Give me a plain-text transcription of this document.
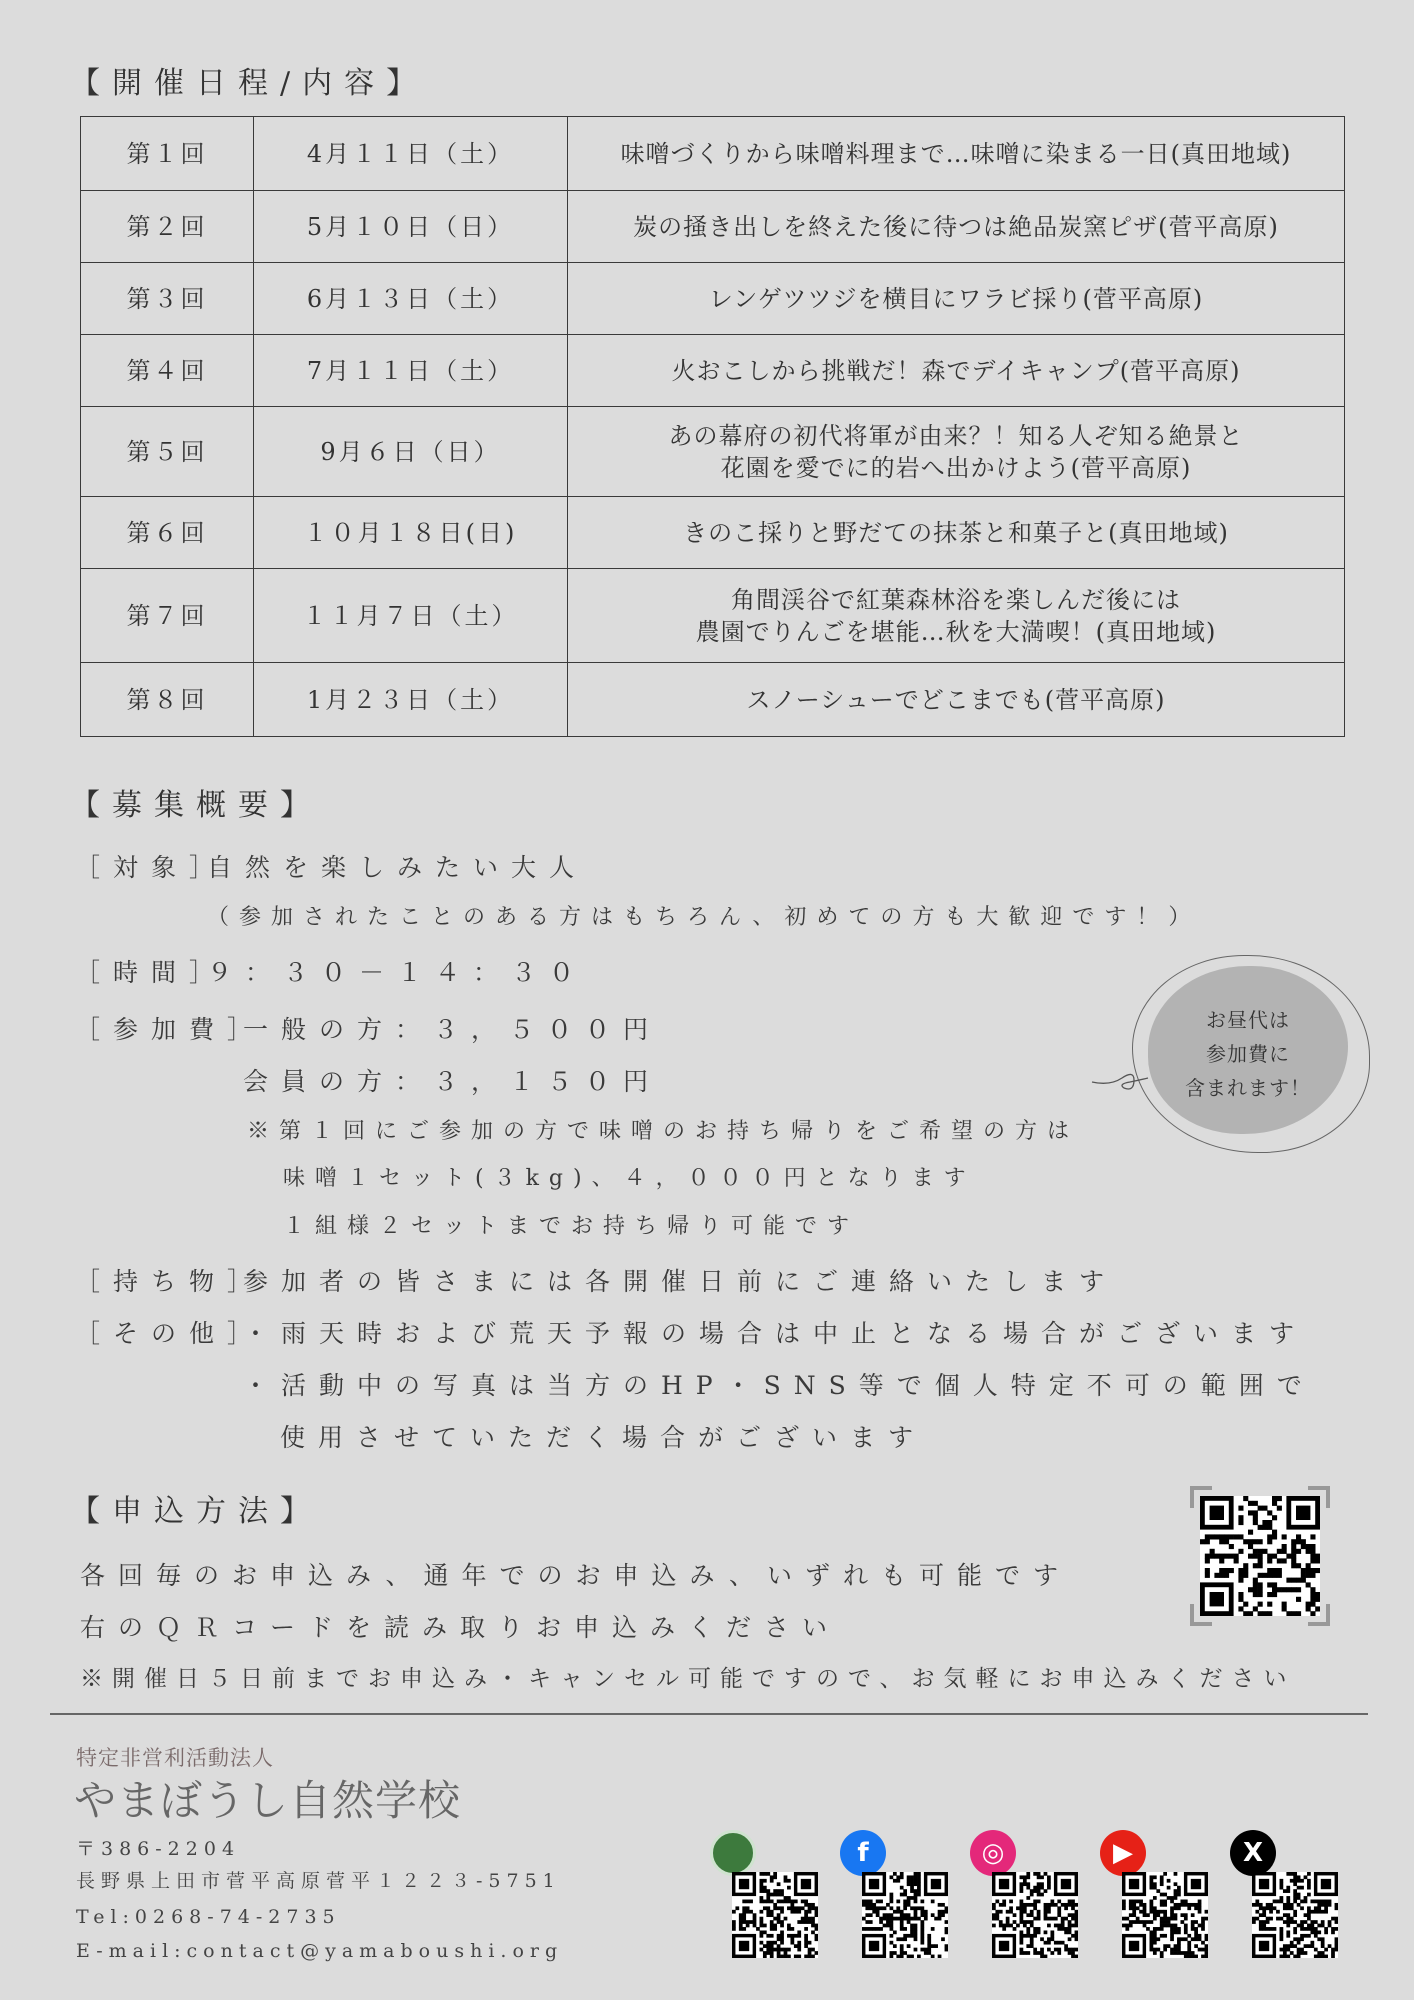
【開催日程/内容】
第１回	4月１１日（土）	味噌づくりから味噌料理まで…味噌に染まる一日(真田地域)

第２回	5月１０日（日）	炭の掻き出しを終えた後に待つは絶品炭窯ピザ(菅平高原)

第３回	6月１３日（土）	レンゲツツジを横目にワラビ採り(菅平高原)

第４回	7月１１日（土）	火おこしから挑戦だ！森でデイキャンプ(菅平高原)

第５回	9月６日（日）	あの幕府の初代将軍が由来？！知る人ぞ知る絶景と
花園を愛でに的岩へ出かけよう(菅平高原)

第６回	１０月１８日(日)	きのこ採りと野だての抹茶と和菓子と(真田地域)

第７回	１１月７日（土）	角間渓谷で紅葉森林浴を楽しんだ後には
農園でりんごを堪能…秋を大満喫！(真田地域)

第８回	1月２３日（土）	スノーシューでどこまでも(菅平高原)
【募集概要】
［対象］
自然を楽しみたい大人
（参加されたことのある方はもちろん、初めての方も大歓迎です！）
［時間］
９：３０－１４：３０
［参加費］
一般の方：３，５００円
会員の方：３，１５０円
※第１回にご参加の方で味噌のお持ち帰りをご希望の方は
味噌１セット(３kg)、４，０００円となります
１組様２セットまでお持ち帰り可能です
［持ち物］
参加者の皆さまには各開催日前にご連絡いたします
［その他］
・雨天時および荒天予報の場合は中止となる場合がございます
・活動中の写真は当方のHP・SNS等で個人特定不可の範囲で
使用させていただく場合がございます
お昼代は
参加費に
含まれます！
【申込方法】
各回毎のお申込み、通年でのお申込み、いずれも可能です
右のＱＲコードを読み取りお申込みください
※開催日５日前までお申込み・キャンセル可能ですので、お気軽にお申込みください
特定非営利活動法人
やまぼうし自然学校
〒386-2204
長野県上田市菅平高原菅平１２２３-5751
Tel:0268-74-2735
E-mail:contact@yamaboushi.org
f	◎	▶	X
